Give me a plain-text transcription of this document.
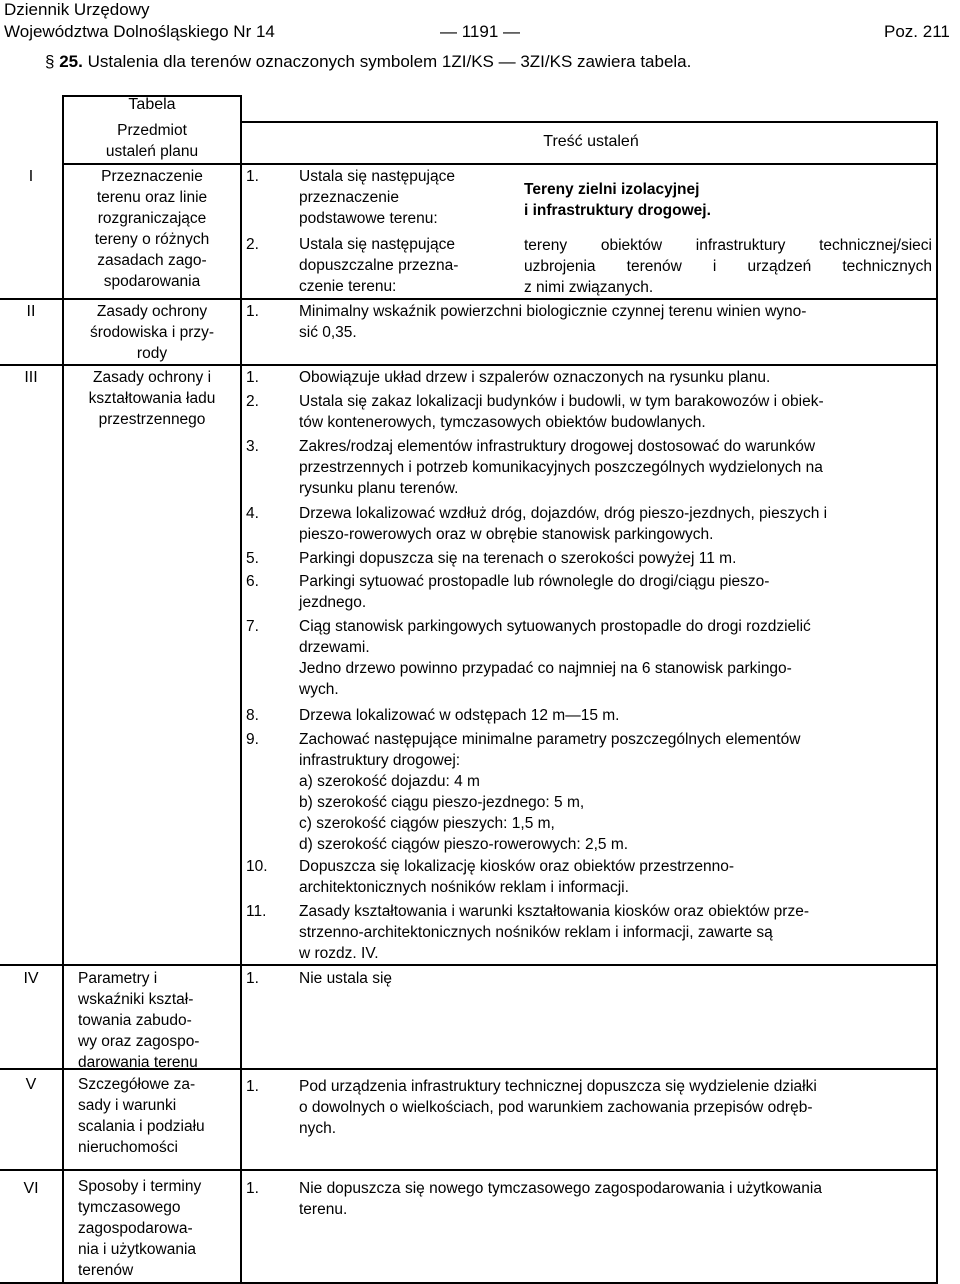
Dziennik Urzędowy
Województwa Dolnośląskiego Nr 14	— 1191 —	Poz. 211
§ 25. Ustalenia dla terenów oznaczonych symbolem 1ZI/KS — 3ZI/KS zawiera tabela.
Tabela
Przedmiot
ustaleń planu
Treść ustaleń
I	Przeznaczenie
terenu oraz linie
rozgraniczające
tereny o różnych
zasadach zago-
spodarowania
1.	Ustala się następujące
przeznaczenie
podstawowe terenu:
2.	Ustala się następujące
dopuszczalne przezna-
czenie terenu:
Tereny zielni izolacyjnej
i infrastruktury drogowej.
tereny obiektów infrastruktury technicznej/sieci
uzbrojenia terenów i urządzeń technicznych
z nimi związanych.
II	Zasady ochrony
środowiska i przy-
rody
1.	Minimalny wskaźnik powierzchni biologicznie czynnej terenu winien wyno-
sić 0,35.
III	Zasady ochrony i
kształtowania ładu
przestrzennego
1.	Obowiązuje układ drzew i szpalerów oznaczonych na rysunku planu.
2.	Ustala się zakaz lokalizacji budynków i budowli, w tym barakowozów i obiek-
tów kontenerowych, tymczasowych obiektów budowlanych.
3.	Zakres/rodzaj elementów infrastruktury drogowej dostosować do warunków
przestrzennych i potrzeb komunikacyjnych poszczególnych wydzielonych na
rysunku planu terenów.
4.	Drzewa lokalizować wzdłuż dróg, dojazdów, dróg pieszo-jezdnych, pieszych i
pieszo-rowerowych oraz w obrębie stanowisk parkingowych.
5.	Parkingi dopuszcza się na terenach o szerokości powyżej 11 m.
6.	Parkingi sytuować prostopadle lub równolegle do drogi/ciągu pieszo-
jezdnego.
7.	Ciąg stanowisk parkingowych sytuowanych prostopadle do drogi rozdzielić
drzewami.
Jedno drzewo powinno przypadać co najmniej na 6 stanowisk parkingo-
wych.
8.	Drzewa lokalizować w odstępach 12 m—15 m.
9.	Zachować następujące minimalne parametry poszczególnych elementów
infrastruktury drogowej:
a) szerokość dojazdu: 4 m
b) szerokość ciągu pieszo-jezdnego: 5 m,
c) szerokość ciągów pieszych: 1,5 m,
d) szerokość ciągów pieszo-rowerowych: 2,5 m.
10. Dopuszcza się lokalizację kiosków oraz obiektów przestrzenno-
architektonicznych nośników reklam i informacji.
11. Zasady kształtowania i warunki kształtowania kiosków oraz obiektów prze-
strzenno-architektonicznych nośników reklam i informacji, zawarte są
w rozdz. IV.
IV	Parametry i
wskaźniki kształ-
towania zabudo-
wy oraz zagospo-
darowania terenu
1.	Nie ustala się
V	Szczegółowe za-
sady i warunki
scalania i podziału
nieruchomości
1.	Pod urządzenia infrastruktury technicznej dopuszcza się wydzielenie działki
o dowolnych o wielkościach, pod warunkiem zachowania przepisów odręb-
nych.
VI	Sposoby i terminy
tymczasowego
zagospodarowa-
nia i użytkowania
terenów
1.	Nie dopuszcza się nowego tymczasowego zagospodarowania i użytkowania
terenu.
